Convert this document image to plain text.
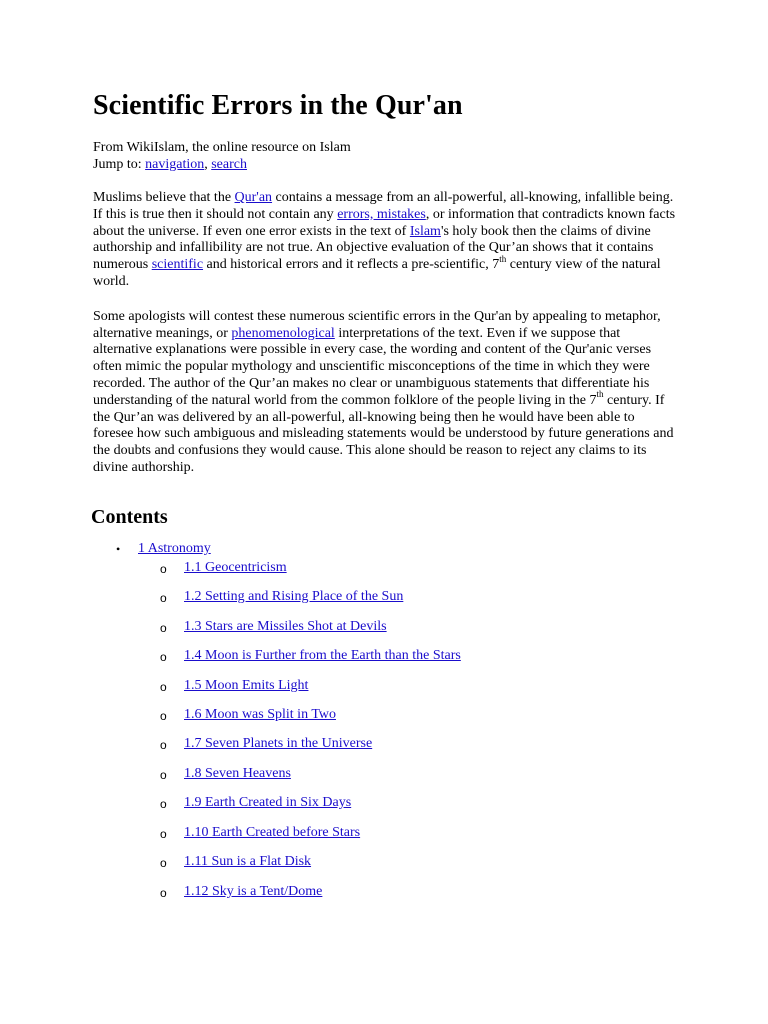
Scientific Errors in the Qur'an
From WikiIslam, the online resource on Islam
Jump to: navigation, search

Muslims believe that the Qur'an contains a message from an all-powerful, all-knowing, infallible being. If this is true then it should not contain any errors, mistakes, or information that contradicts known facts about the universe. If even one error exists in the text of Islam's holy book then the claims of divine authorship and infallibility are not true. An objective evaluation of the Qur’an shows that it contains numerous scientific and historical errors and it reflects a pre-scientific, 7th century view of the natural world.

Some apologists will contest these numerous scientific errors in the Qur'an by appealing to metaphor, alternative meanings, or phenomenological interpretations of the text. Even if we suppose that alternative explanations were possible in every case, the wording and content of the Qur'anic verses often mimic the popular mythology and unscientific misconceptions of the time in which they were recorded. The author of the Qur’an makes no clear or unambiguous statements that differentiate his understanding of the natural world from the common folklore of the people living in the 7th century. If the Qur’an was delivered by an all-powerful, all-knowing being then he would have been able to foresee how such ambiguous and misleading statements would be understood by future generations and the doubts and confusions they would cause. This alone should be reason to reject any claims to its divine authorship.

Contents
• 1 Astronomy
o 1.1 Geocentricism
o 1.2 Setting and Rising Place of the Sun
o 1.3 Stars are Missiles Shot at Devils
o 1.4 Moon is Further from the Earth than the Stars
o 1.5 Moon Emits Light
o 1.6 Moon was Split in Two
o 1.7 Seven Planets in the Universe
o 1.8 Seven Heavens
o 1.9 Earth Created in Six Days
o 1.10 Earth Created before Stars
o 1.11 Sun is a Flat Disk
o 1.12 Sky is a Tent/Dome
